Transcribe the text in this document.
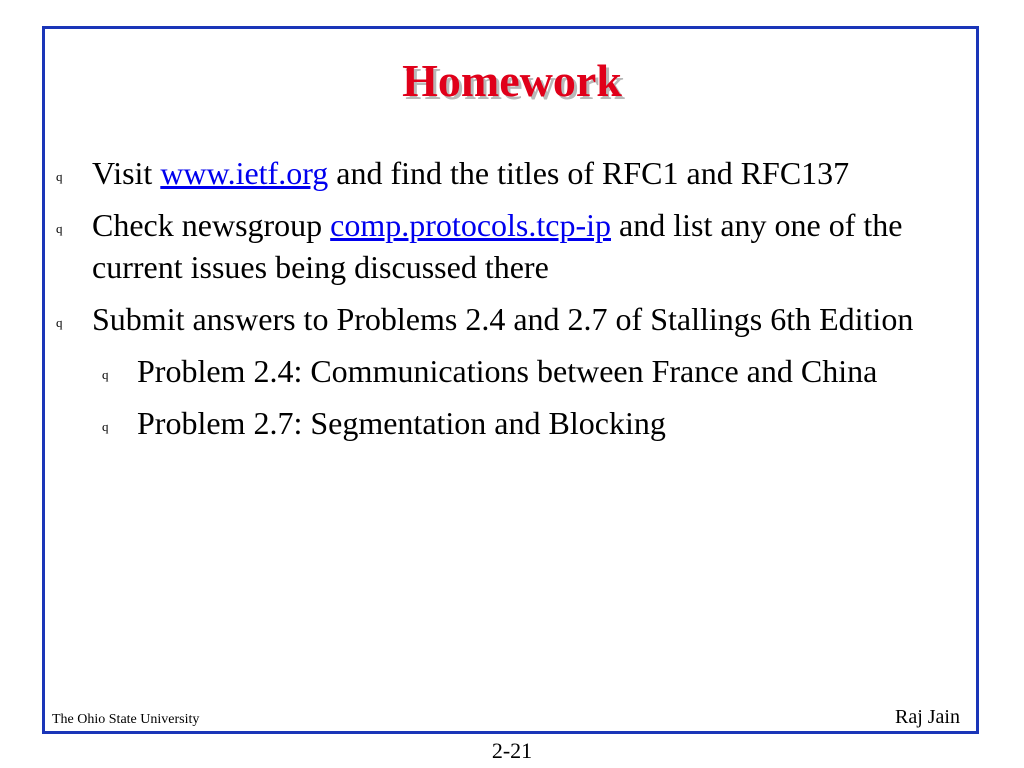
Homework
q Visit www.ietf.org and find the titles of RFC1 and RFC137
q Check newsgroup comp.protocols.tcp-ip and list any one of the current issues being discussed there
q Submit answers to Problems 2.4 and 2.7 of Stallings 6th Edition
q Problem 2.4: Communications between France and China
q Problem 2.7: Segmentation and Blocking
The Ohio State University	Raj Jain
2-21
